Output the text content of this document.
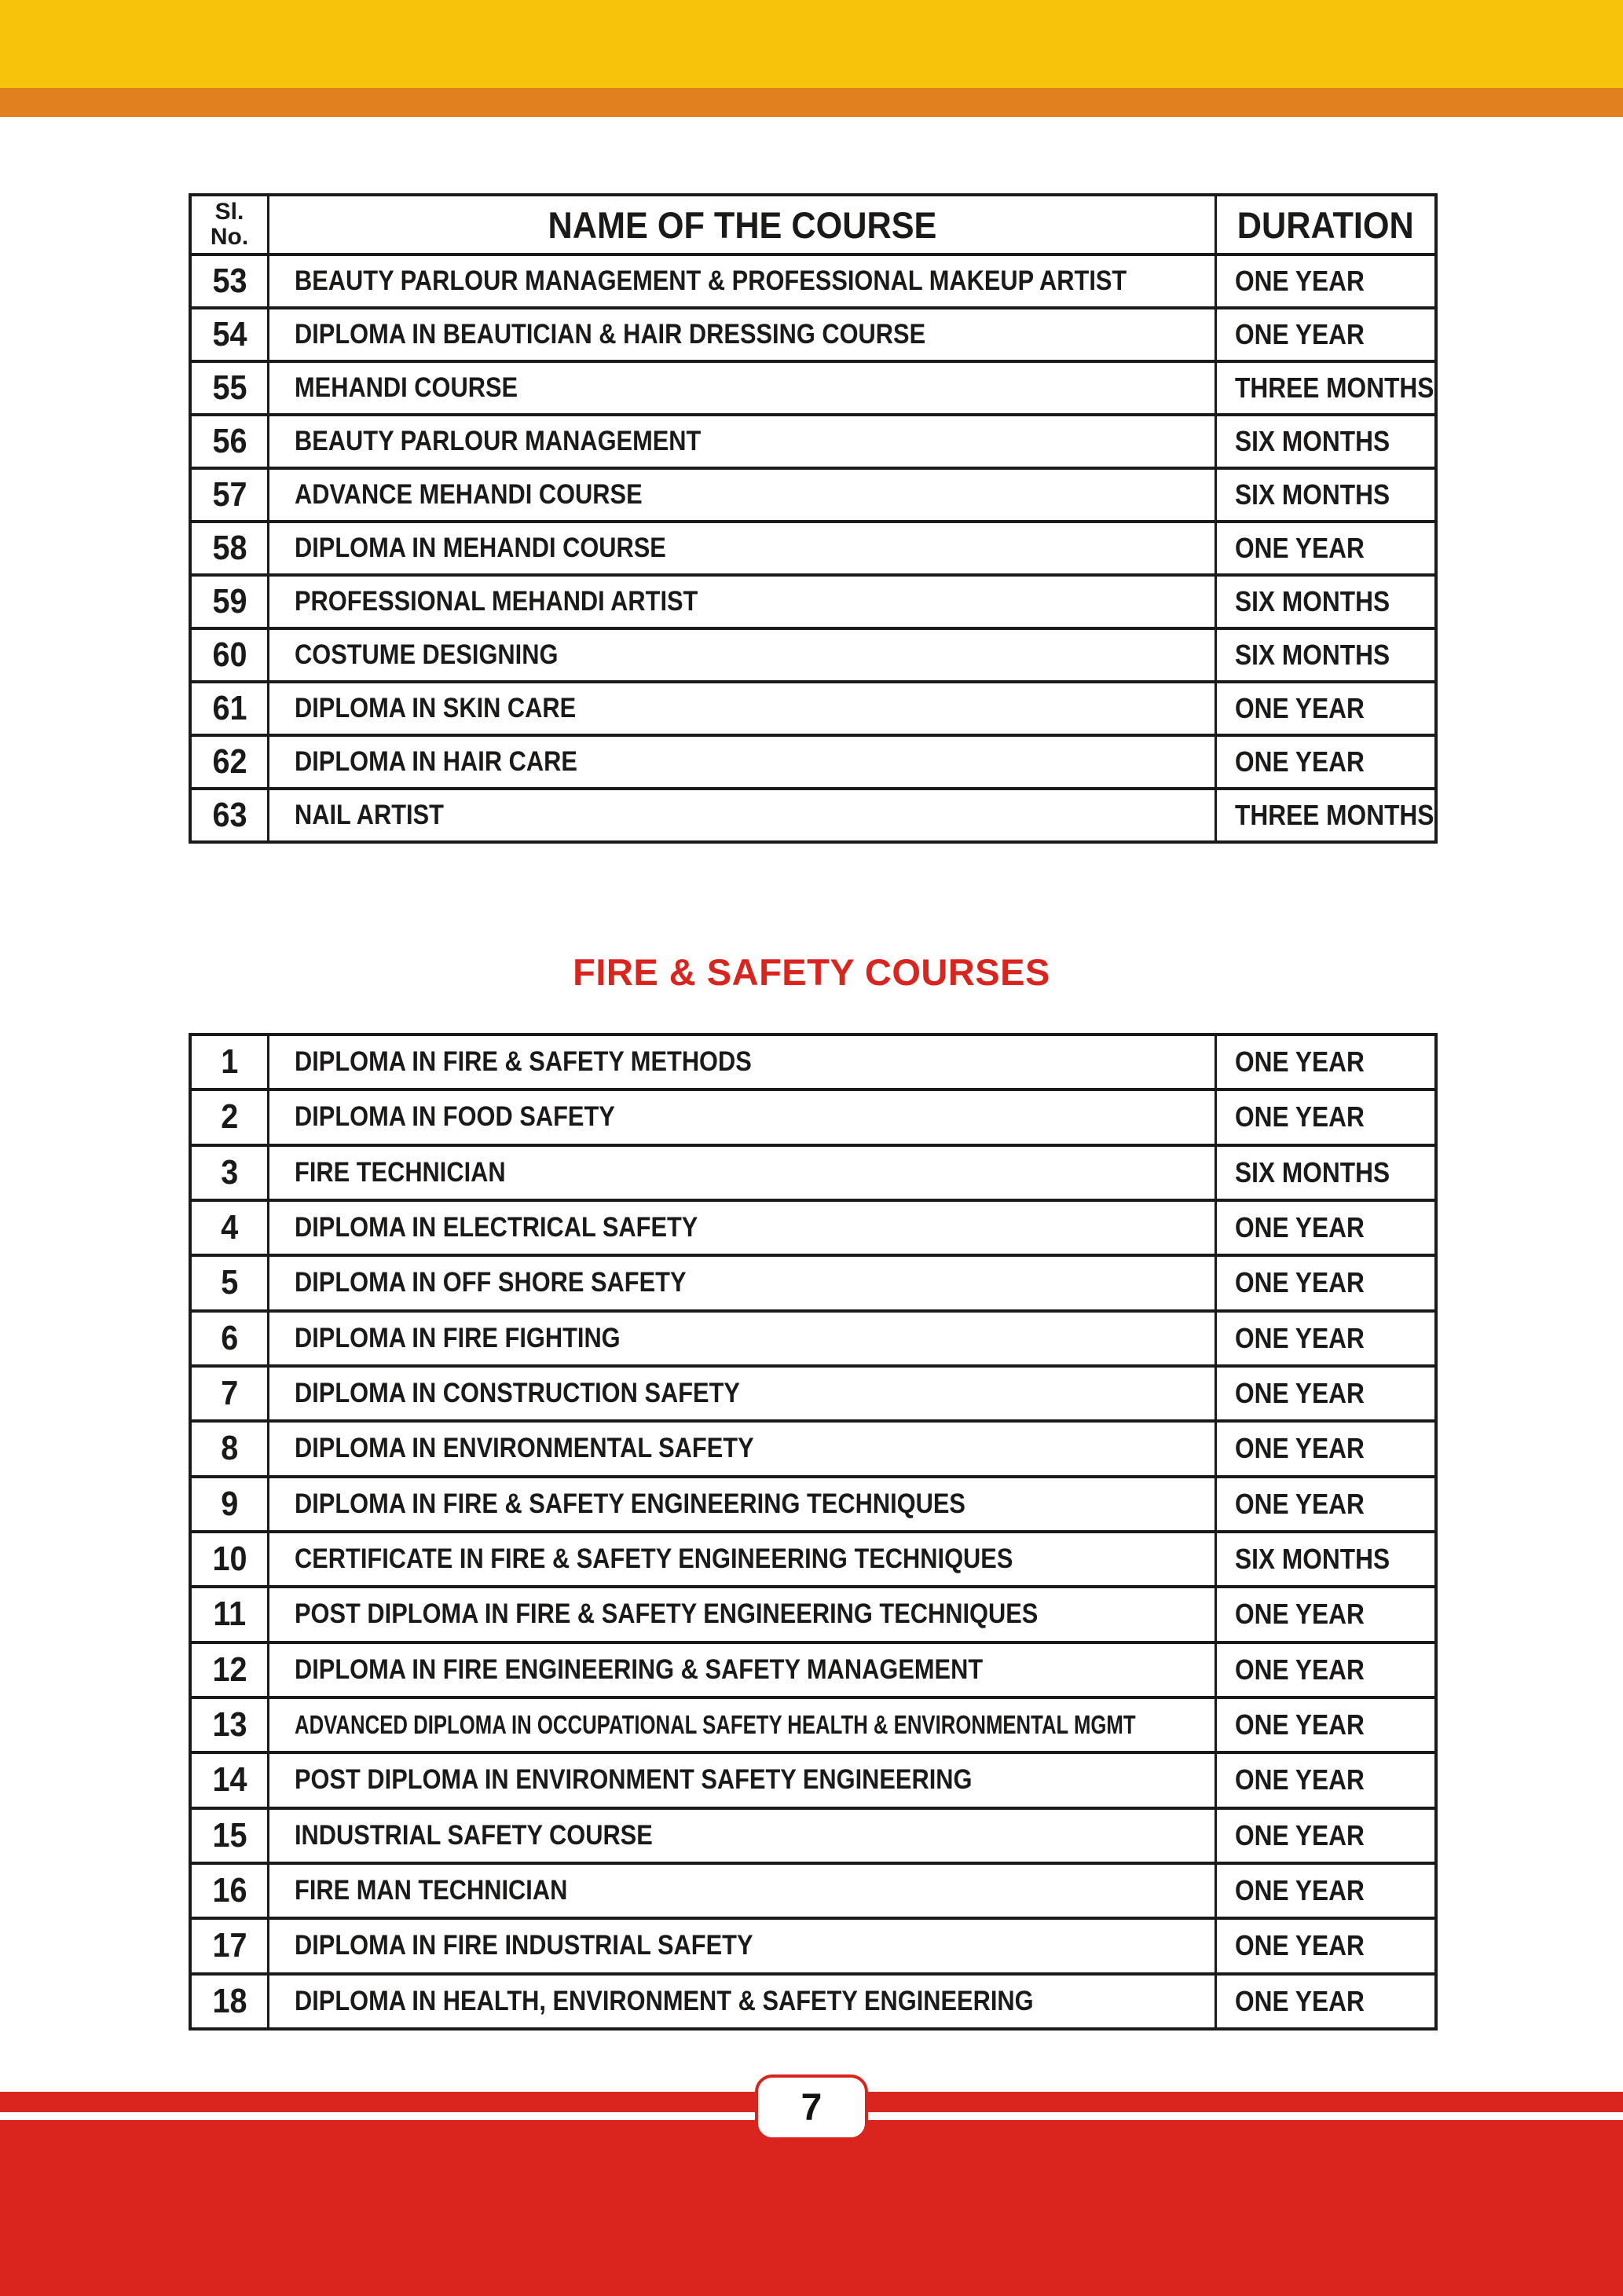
Sl.
No.	NAME OF THE COURSE	DURATION
53 BEAUTY PARLOUR MANAGEMENT & PROFESSIONAL MAKEUP ARTIST	ONE YEAR
54 DIPLOMA IN BEAUTICIAN & HAIR DRESSING COURSE	ONE YEAR
55 MEHANDI COURSE	THREE MONTHS
56 BEAUTY PARLOUR MANAGEMENT	SIX MONTHS
57 ADVANCE MEHANDI COURSE	SIX MONTHS
58 DIPLOMA IN MEHANDI COURSE	ONE YEAR
59 PROFESSIONAL MEHANDI ARTIST	SIX MONTHS
60 COSTUME DESIGNING	SIX MONTHS
61 DIPLOMA IN SKIN CARE	ONE YEAR
62 DIPLOMA IN HAIR CARE	ONE YEAR
63 NAIL ARTIST	THREE MONTHS
FIRE & SAFETY COURSES
1 DIPLOMA IN FIRE & SAFETY METHODS	ONE YEAR
2 DIPLOMA IN FOOD SAFETY	ONE YEAR
3 FIRE TECHNICIAN	SIX MONTHS
4 DIPLOMA IN ELECTRICAL SAFETY	ONE YEAR
5 DIPLOMA IN OFF SHORE SAFETY	ONE YEAR
6 DIPLOMA IN FIRE FIGHTING	ONE YEAR
7 DIPLOMA IN CONSTRUCTION SAFETY	ONE YEAR
8 DIPLOMA IN ENVIRONMENTAL SAFETY	ONE YEAR
9 DIPLOMA IN FIRE & SAFETY ENGINEERING TECHNIQUES	ONE YEAR
10 CERTIFICATE IN FIRE & SAFETY ENGINEERING TECHNIQUES	SIX MONTHS
11 POST DIPLOMA IN FIRE & SAFETY ENGINEERING TECHNIQUES	ONE YEAR
12 DIPLOMA IN FIRE ENGINEERING & SAFETY MANAGEMENT	ONE YEAR
13 ADVANCED DIPLOMA IN OCCUPATIONAL SAFETY HEALTH & ENVIRONMENTAL MGMT	ONE YEAR
14 POST DIPLOMA IN ENVIRONMENT SAFETY ENGINEERING	ONE YEAR
15 INDUSTRIAL SAFETY COURSE	ONE YEAR
16 FIRE MAN TECHNICIAN	ONE YEAR
17 DIPLOMA IN FIRE INDUSTRIAL SAFETY	ONE YEAR
18 DIPLOMA IN HEALTH, ENVIRONMENT & SAFETY ENGINEERING	ONE YEAR
7
